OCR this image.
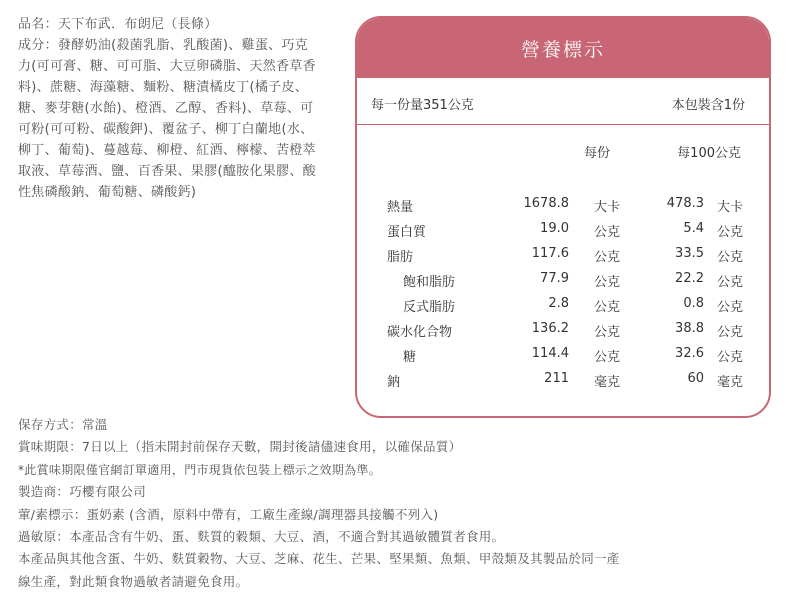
品名：天下布武．布朗尼（長條）
成分：發酵奶油(殺菌乳脂、乳酸菌)、雞蛋、巧克
力(可可膏、糖、可可脂、大豆卵磷脂、天然香草香
料)、蔗糖、海藻糖、麵粉、糖漬橘皮丁(橘子皮、
糖、麥芽糖(水飴)、橙酒、乙醇、香料)、草莓、可
可粉(可可粉、碳酸鉀)、覆盆子、柳丁白蘭地(水、
柳丁、葡萄)、蔓越莓、柳橙、紅酒、檸檬、苦橙萃
取液、草莓酒、鹽、百香果、果膠(醯胺化果膠、酸
性焦磷酸鈉、葡萄糖、磷酸鈣)
營養標示
每一份量351公克	本包裝含1份
每份	每100公克
熱量	1678.8 大卡	478.3 大卡
蛋白質	19.0 公克	5.4 公克
脂肪	117.6 公克	33.5 公克
飽和脂肪	77.9 公克	22.2 公克
反式脂肪	2.8 公克	0.8 公克
碳水化合物	136.2 公克	38.8 公克
糖	114.4 公克	32.6 公克
鈉	211 毫克	60 毫克
保存方式：常溫
賞味期限：7日以上（指未開封前保存天數，開封後請儘速食用，以確保品質）
*此賞味期限僅官網訂單適用，門市現貨依包裝上標示之效期為準。
製造商：巧櫻有限公司
葷/素標示：蛋奶素 (含酒，原料中帶有，工廠生產線/調理器具接觸不列入)
過敏原：本產品含有牛奶、蛋、麩質的穀類、大豆、酒，不適合對其過敏體質者食用。
本產品與其他含蛋、牛奶、麩質穀物、大豆、芝麻、花生、芒果、堅果類、魚類、甲殼類及其製品於同一產
線生產，對此類食物過敏者請避免食用。
